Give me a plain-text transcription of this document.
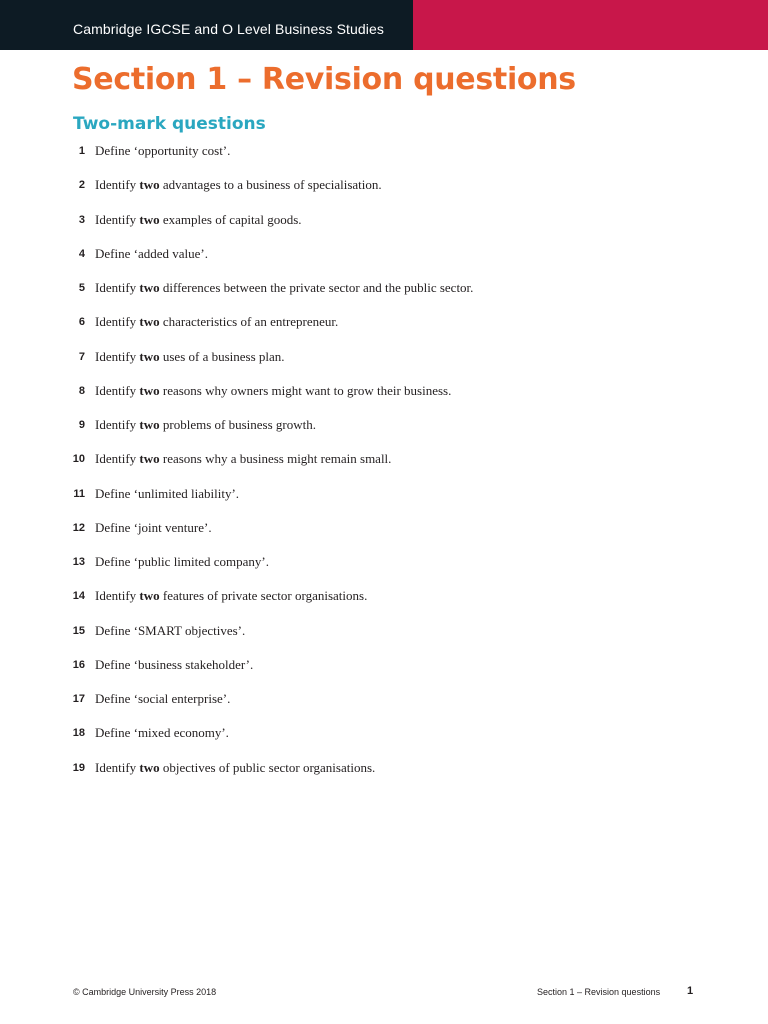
Cambridge IGCSE and O Level Business Studies
Section 1 – Revision questions
Two-mark questions
1 Define ‘opportunity cost’.
2 Identify two advantages to a business of specialisation.
3 Identify two examples of capital goods.
4 Define ‘added value’.
5 Identify two differences between the private sector and the public sector.
6 Identify two characteristics of an entrepreneur.
7 Identify two uses of a business plan.
8 Identify two reasons why owners might want to grow their business.
9 Identify two problems of business growth.
10 Identify two reasons why a business might remain small.
11 Define ‘unlimited liability’.
12 Define ‘joint venture’.
13 Define ‘public limited company’.
14 Identify two features of private sector organisations.
15 Define ‘SMART objectives’.
16 Define ‘business stakeholder’.
17 Define ‘social enterprise’.
18 Define ‘mixed economy’.
19 Identify two objectives of public sector organisations.
© Cambridge University Press 2018	Section 1 – Revision questions 1
